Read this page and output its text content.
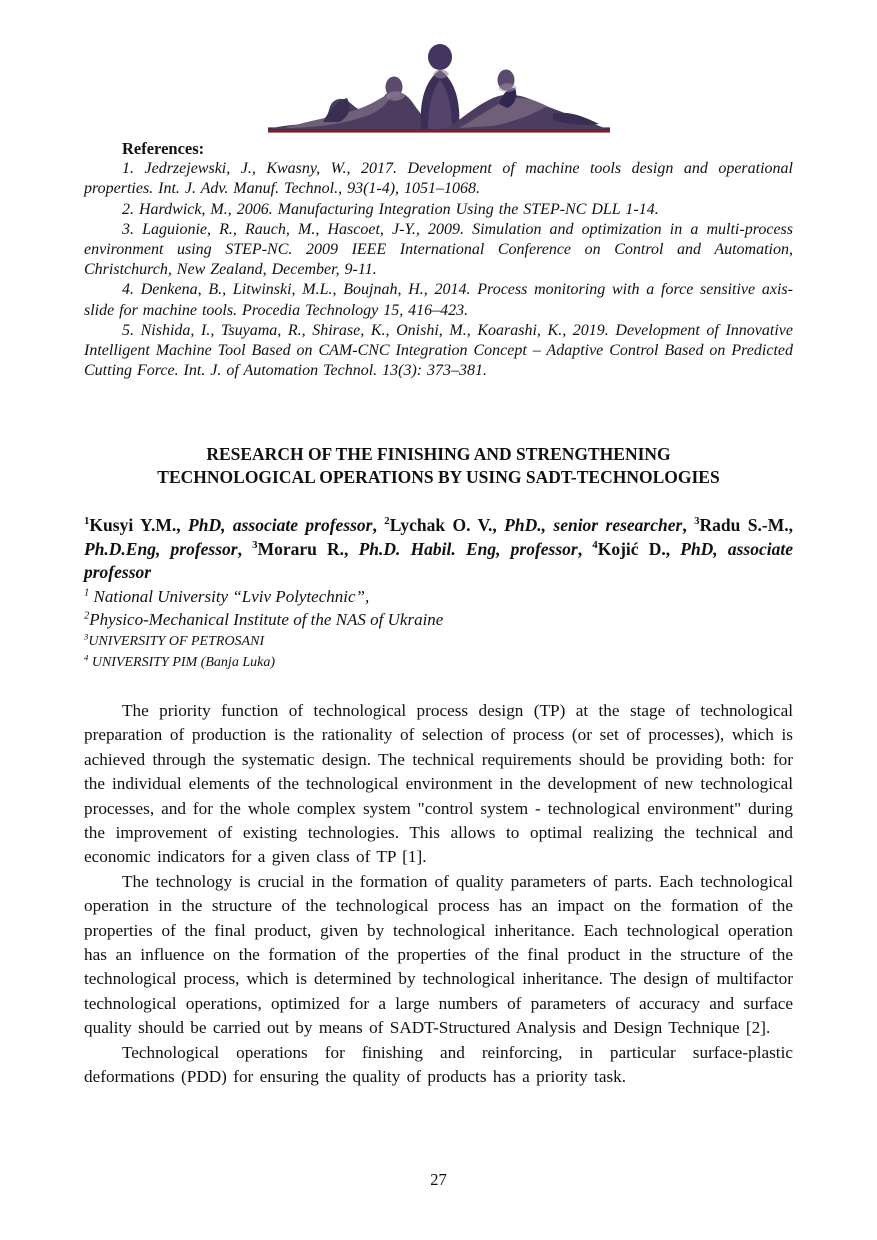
References:

1. Jedrzejewski, J., Kwasny, W., 2017. Development of machine tools design and operational properties. Int. J. Adv. Manuf. Technol., 93(1-4), 1051–1068.

2. Hardwick, M., 2006. Manufacturing Integration Using the STEP-NC DLL 1-14.

3. Laguionie, R., Rauch, M., Hascoet, J-Y., 2009. Simulation and optimization in a multi-process environment using STEP-NC. 2009 IEEE International Conference on Control and Automation, Christchurch, New Zealand, December, 9-11.

4. Denkena, B., Litwinski, M.L., Boujnah, H., 2014. Process monitoring with a force sensitive axis-slide for machine tools. Procedia Technology 15, 416–423.

5. Nishida, I., Tsuyama, R., Shirase, K., Onishi, M., Koarashi, K., 2019. Development of Innovative Intelligent Machine Tool Based on CAM-CNC Integration Concept – Adaptive Control Based on Predicted Cutting Force. Int. J. of Automation Technol. 13(3): 373–381.

RESEARCH OF THE FINISHING AND STRENGTHENING
TECHNOLOGICAL OPERATIONS BY USING SADT-TECHNOLOGIES

$^1$Kusyi Y.M., PhD, associate professor, $^2$Lychak O. V., PhD., senior researcher, $^3$Radu S.-M., Ph.D.Eng, professor, $^3$Moraru R., Ph.D. Habil. Eng, professor, $^4$Kojić D., PhD, associate professor

$^1$ National University “Lviv Polytechnic”,

$^2$Physico-Mechanical Institute of the NAS of Ukraine

$^3$UNIVERSITY OF PETROSANI

$^4$ UNIVERSITY PIM (Banja Luka)

The priority function of technological process design (TP) at the stage of technological preparation of production is the rationality of selection of process (or set of processes), which is achieved through the systematic design. The technical requirements should be providing both: for the individual elements of the technological environment in the development of new technological processes, and for the whole complex system "control system - technological environment" during the improvement of existing technologies. This allows to optimal realizing the technical and economic indicators for a given class of TP [1].

The technology is crucial in the formation of quality parameters of parts. Each technological operation in the structure of the technological process has an impact on the formation of the properties of the final product, given by technological inheritance. Each technological operation has an influence on the formation of the properties of the final product in the structure of the technological process, which is determined by technological inheritance. The design of multifactor technological operations, optimized for a large numbers of parameters of accuracy and surface quality should be carried out by means of SADT-Structured Analysis and Design Technique [2].

Technological operations for finishing and reinforcing, in particular surface-plastic deformations (PDD) for ensuring the quality of products has a priority task.

27
